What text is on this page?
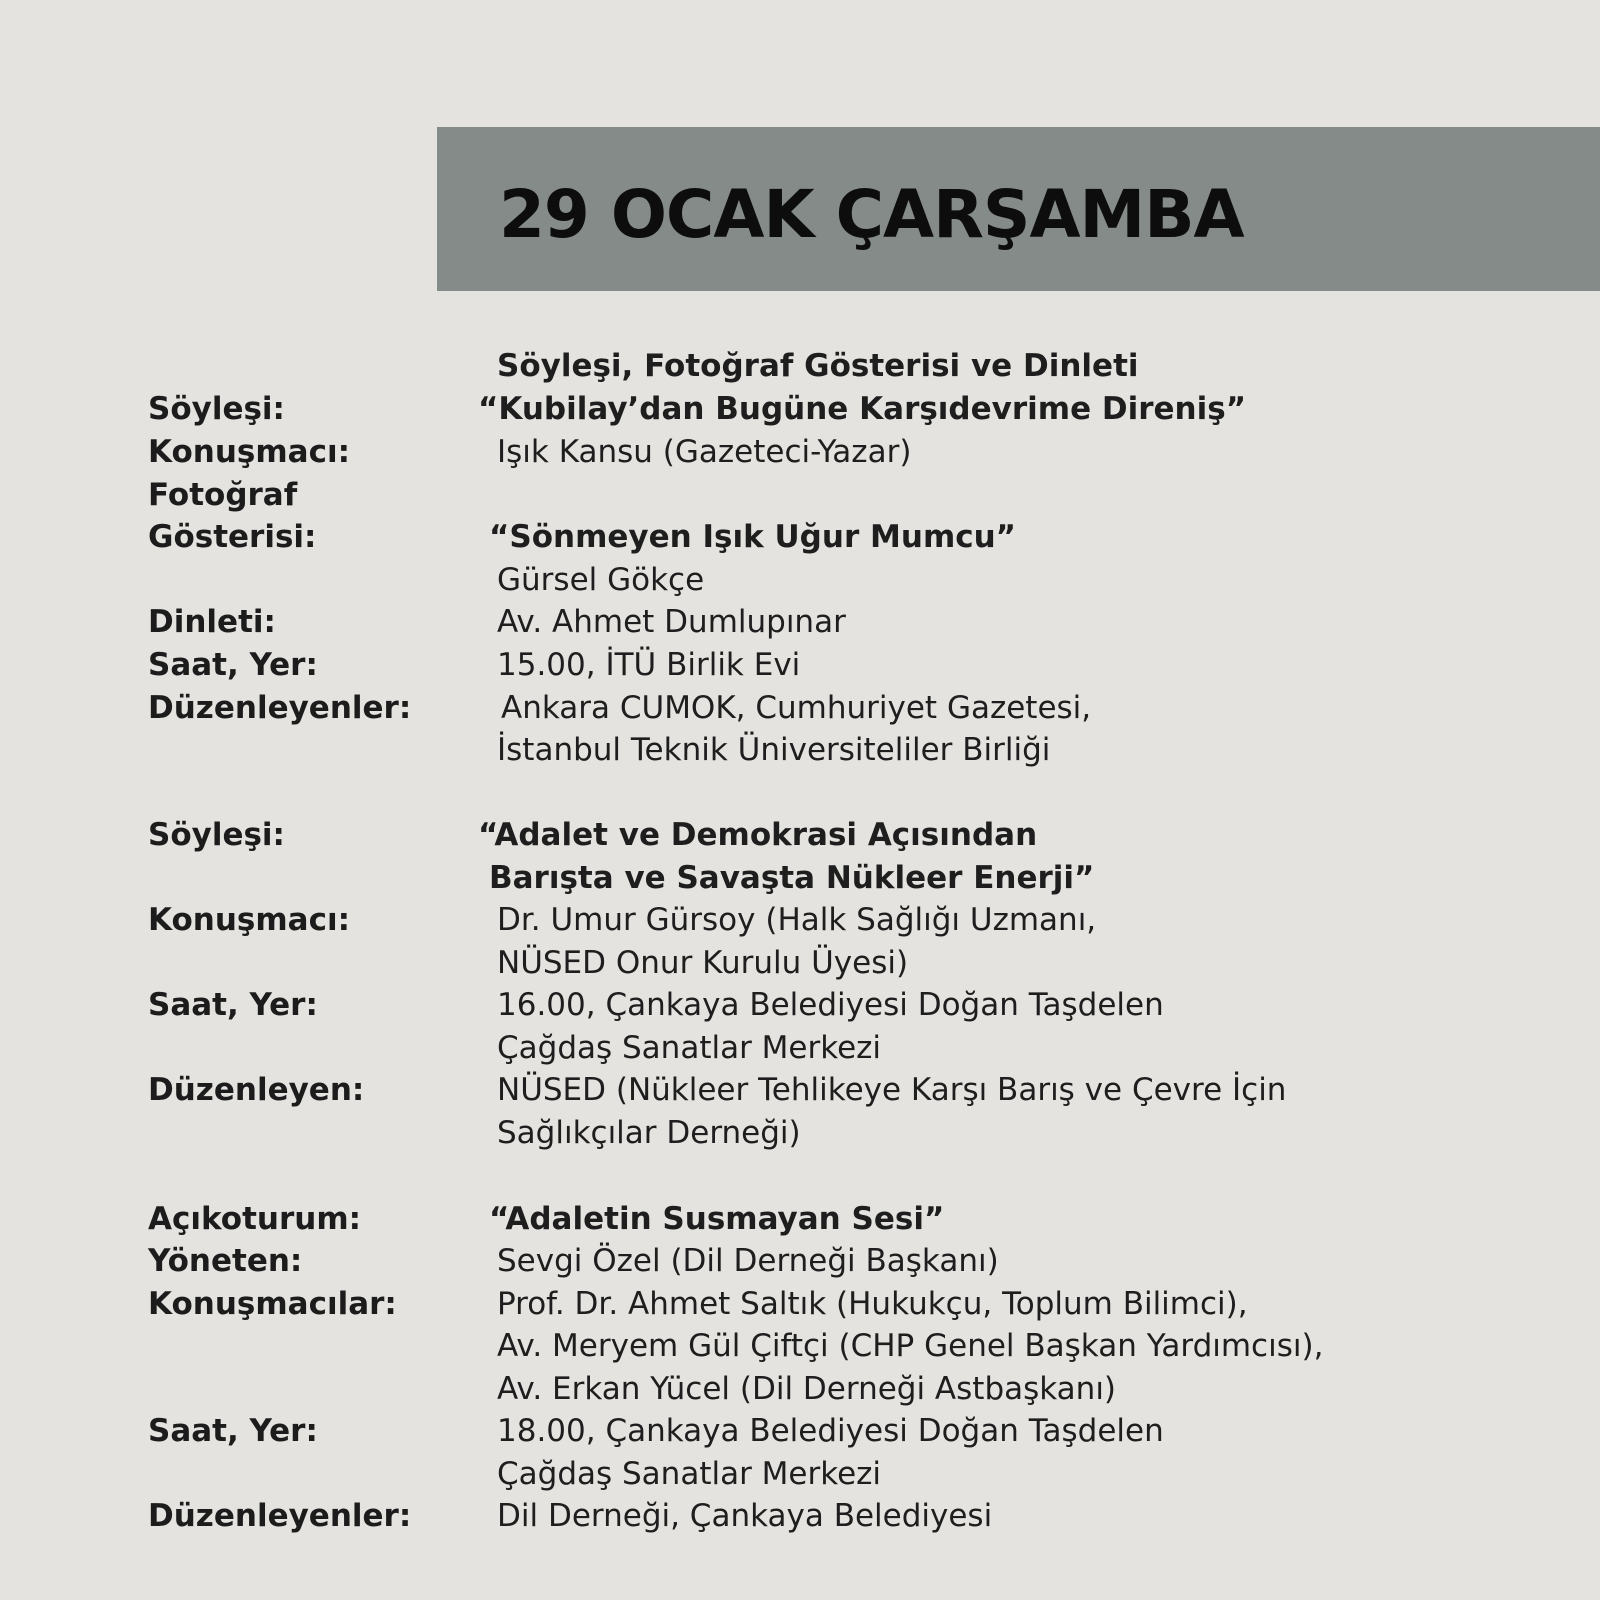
29 OCAK ÇARŞAMBA
Söyleşi, Fotoğraf Gösterisi ve Dinleti
Söyleşi:	“Kubilay’dan Bugüne Karşıdevrime Direniş”
Konuşmacı:	Işık Kansu (Gazeteci-Yazar)
Fotoğraf
Gösterisi:	“Sönmeyen Işık Uğur Mumcu”
Gürsel Gökçe
Dinleti:	Av. Ahmet Dumlupınar
Saat, Yer:	15.00, İTÜ Birlik Evi
Düzenleyenler:	Ankara CUMOK, Cumhuriyet Gazetesi,
İstanbul Teknik Üniversiteliler Birliği
Söyleşi:	“Adalet ve Demokrasi Açısından
Barışta ve Savaşta Nükleer Enerji”
Konuşmacı:	Dr. Umur Gürsoy (Halk Sağlığı Uzmanı,
NÜSED Onur Kurulu Üyesi)
Saat, Yer:	16.00, Çankaya Belediyesi Doğan Taşdelen
Çağdaş Sanatlar Merkezi
Düzenleyen:	NÜSED (Nükleer Tehlikeye Karşı Barış ve Çevre İçin
Sağlıkçılar Derneği)
Açıkoturum:	“Adaletin Susmayan Sesi”
Yöneten:	Sevgi Özel (Dil Derneği Başkanı)
Konuşmacılar:	Prof. Dr. Ahmet Saltık (Hukukçu, Toplum Bilimci),
Av. Meryem Gül Çiftçi (CHP Genel Başkan Yardımcısı),
Av. Erkan Yücel (Dil Derneği Astbaşkanı)
Saat, Yer:	18.00, Çankaya Belediyesi Doğan Taşdelen
Çağdaş Sanatlar Merkezi
Düzenleyenler:	Dil Derneği, Çankaya Belediyesi
